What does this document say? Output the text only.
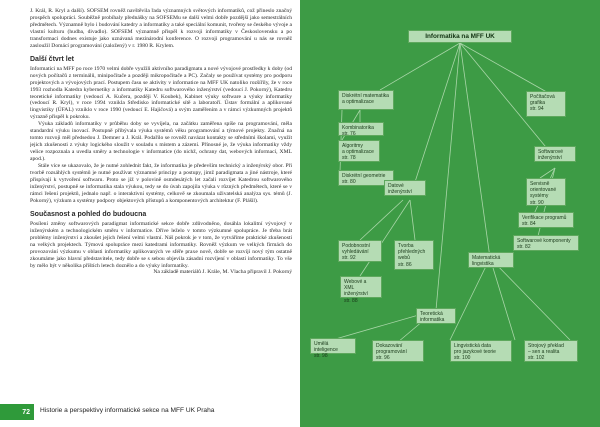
J. Král, R. Kryl a další). SOFSEM rovněž navštěvila řada významných světových informatiků, což přineslo značný prospěch spolupráci. Souběžně probíhaly přednášky na SOFSEMu se další velmi dobře pozdější jako semestrálních předmětech. Významně bylo i budování katedry a informatiky a také speciální komunit, tvořeny se českého vývoje a vlastní kulturu (hudba, divadlo). SOFSEM významně přispěl k rozvoji informatiky v Československu a po transformaci dodnes existuje jako uznávaná mezinárodní konference. O rozvoji programování u nás se rovněž zasloužil Domácí programování (založený) v r. 1980 R. Krylem.

Další čtvrt let

Informatici na MFF po roce 1970 velmi dobře využili aktivního paradigmatu a nové vývojové prostředky k doby (od nových počítačů z terminálů, minipočítače a později mikropočítače a PC). Začaly se používat systémy pro podporu projektových a vývojových prací. Postupem času se aktivity v informatice na MFF UK natoliko rozšířily, že v roce 1993 rozhodla Katedra kybernetiky a informatiky Katedru softwarového inženýrství (vedoucí J. Pokorný), Katedru teoretické informatiky (vedoucí A. Kučera, později V. Koubek), Kabinet výuky software a výuky informatiky (vedoucí R. Kryl), v roce 1994 vznikla Středisko informatické sítě a laboratoří. Ústav formální a aplikované lingvistiky (ÚFAL) vzniklo v roce 1990 (vedoucí E. Hajičová) a svým zaměřením a v rámci výzkumných projektů výrazně přispěl k pokroku.

Výuka základů informatiky v průběhu doby se vyvíjela, na začátku zaměřena spíše na programování, měla standardní výuku inovací. Postupně přibývala výuka systémů věku programování a týmové projekty. Značná na tomto rozvoji měl předsedou J. Demner a J. Král. Podařilo se rovněž navázat kontakty se středními školami, využít jejich zkušenosti z výuky logického sloužit v souladu s místem a zázemí. Přínosné je, že výuka informatiky vždy velice rozpoznala a uvedla směry a technologie v informatice (do nichž, ochrany dat, webových informací, XML apod.).

Stále více se ukazovalo, že je nutné zohlednit fakt, že informatika je především technický a inženýrský obor. Při tvorbě rozsáhlých systémů je nutné používat významné principy a postupy, jimž paradigmata a jiné nástroje, které přispívají k vytvoření softwaru. Proto se již v polovině osmdesátých let začali rozvíjet Katedrou softwarového inženýrství, postupně se informatika stala výukou, tedy se do úvah zapojila výuka v různých předmětech, které se v rámci řešení projektů, jednalo např. o interaktivní systémy, celkově se zkoumala uživatelská analýza sys. témů (J. Pokorný), výzkum a systémy podpory objektových přístupů a komponentových architektur (F. Plášil).

Současnost a pohled do budoucna

Posílení změny softwarových paradigmat informatické sekce dobře zdůvodněno, dosáhla lokalitní vývojový v inženýrském a technologickém směru v informatice. Dříve leželo v tomto výzkumné spolupráce. Je třeba brát problémy inženýrství a zkoušet jejich řešení velmi vlastní. Náš pokrok je v tom, že vytváříme praktické zkušenosti na velkých projektech. Týmová spolupráce mezi katedrami informatiky. Rovněž výzkum ve velkých firmách do provozování výzkumu v oblasti informatiky aplikovaných ve sféře praxe nově, dobře se rozvíjí nový tým ostatně zkoumáme jako hlavní představitele, tedy dobře se s sebou objevila zásadní rozvíjení v oblasti informatiky. To vše by mělo být v několika příštích letech doznělo a do výuky informatiky.

Na základě materiálů J. Krále, M. Vlacha připravil J. Pokorný

72	Historie a perspektivy informatické sekce na MFF UK Praha
Informatika na MFF UK
Diskrétní matematika
a optimalizace
Počítačová
grafika
str. 94
Kombinatorika
str. 76
Algoritmy
a optimalizace
str. 78
Diskrétní geometrie
str. 80
Softwarové
inženýrství
Datové
inženýrství
Servisně
orientované
systémy
str. 90
Verifikace programů
str. 84
Softwarové komponenty
str. 82
Podobnostní
vyhledávání
str. 92
Tvorba
přehledných
webů
str. 86
Webové a XML
inženýrství
str. 88
Matematická
lingvistika
Teoretická
informatika
Umělá inteligence
str. 98
Dokazování
programování
str. 96
Lingvistická data
pro jazykové teorie
str. 100
Strojový překlad
– sen a realita
str. 102
